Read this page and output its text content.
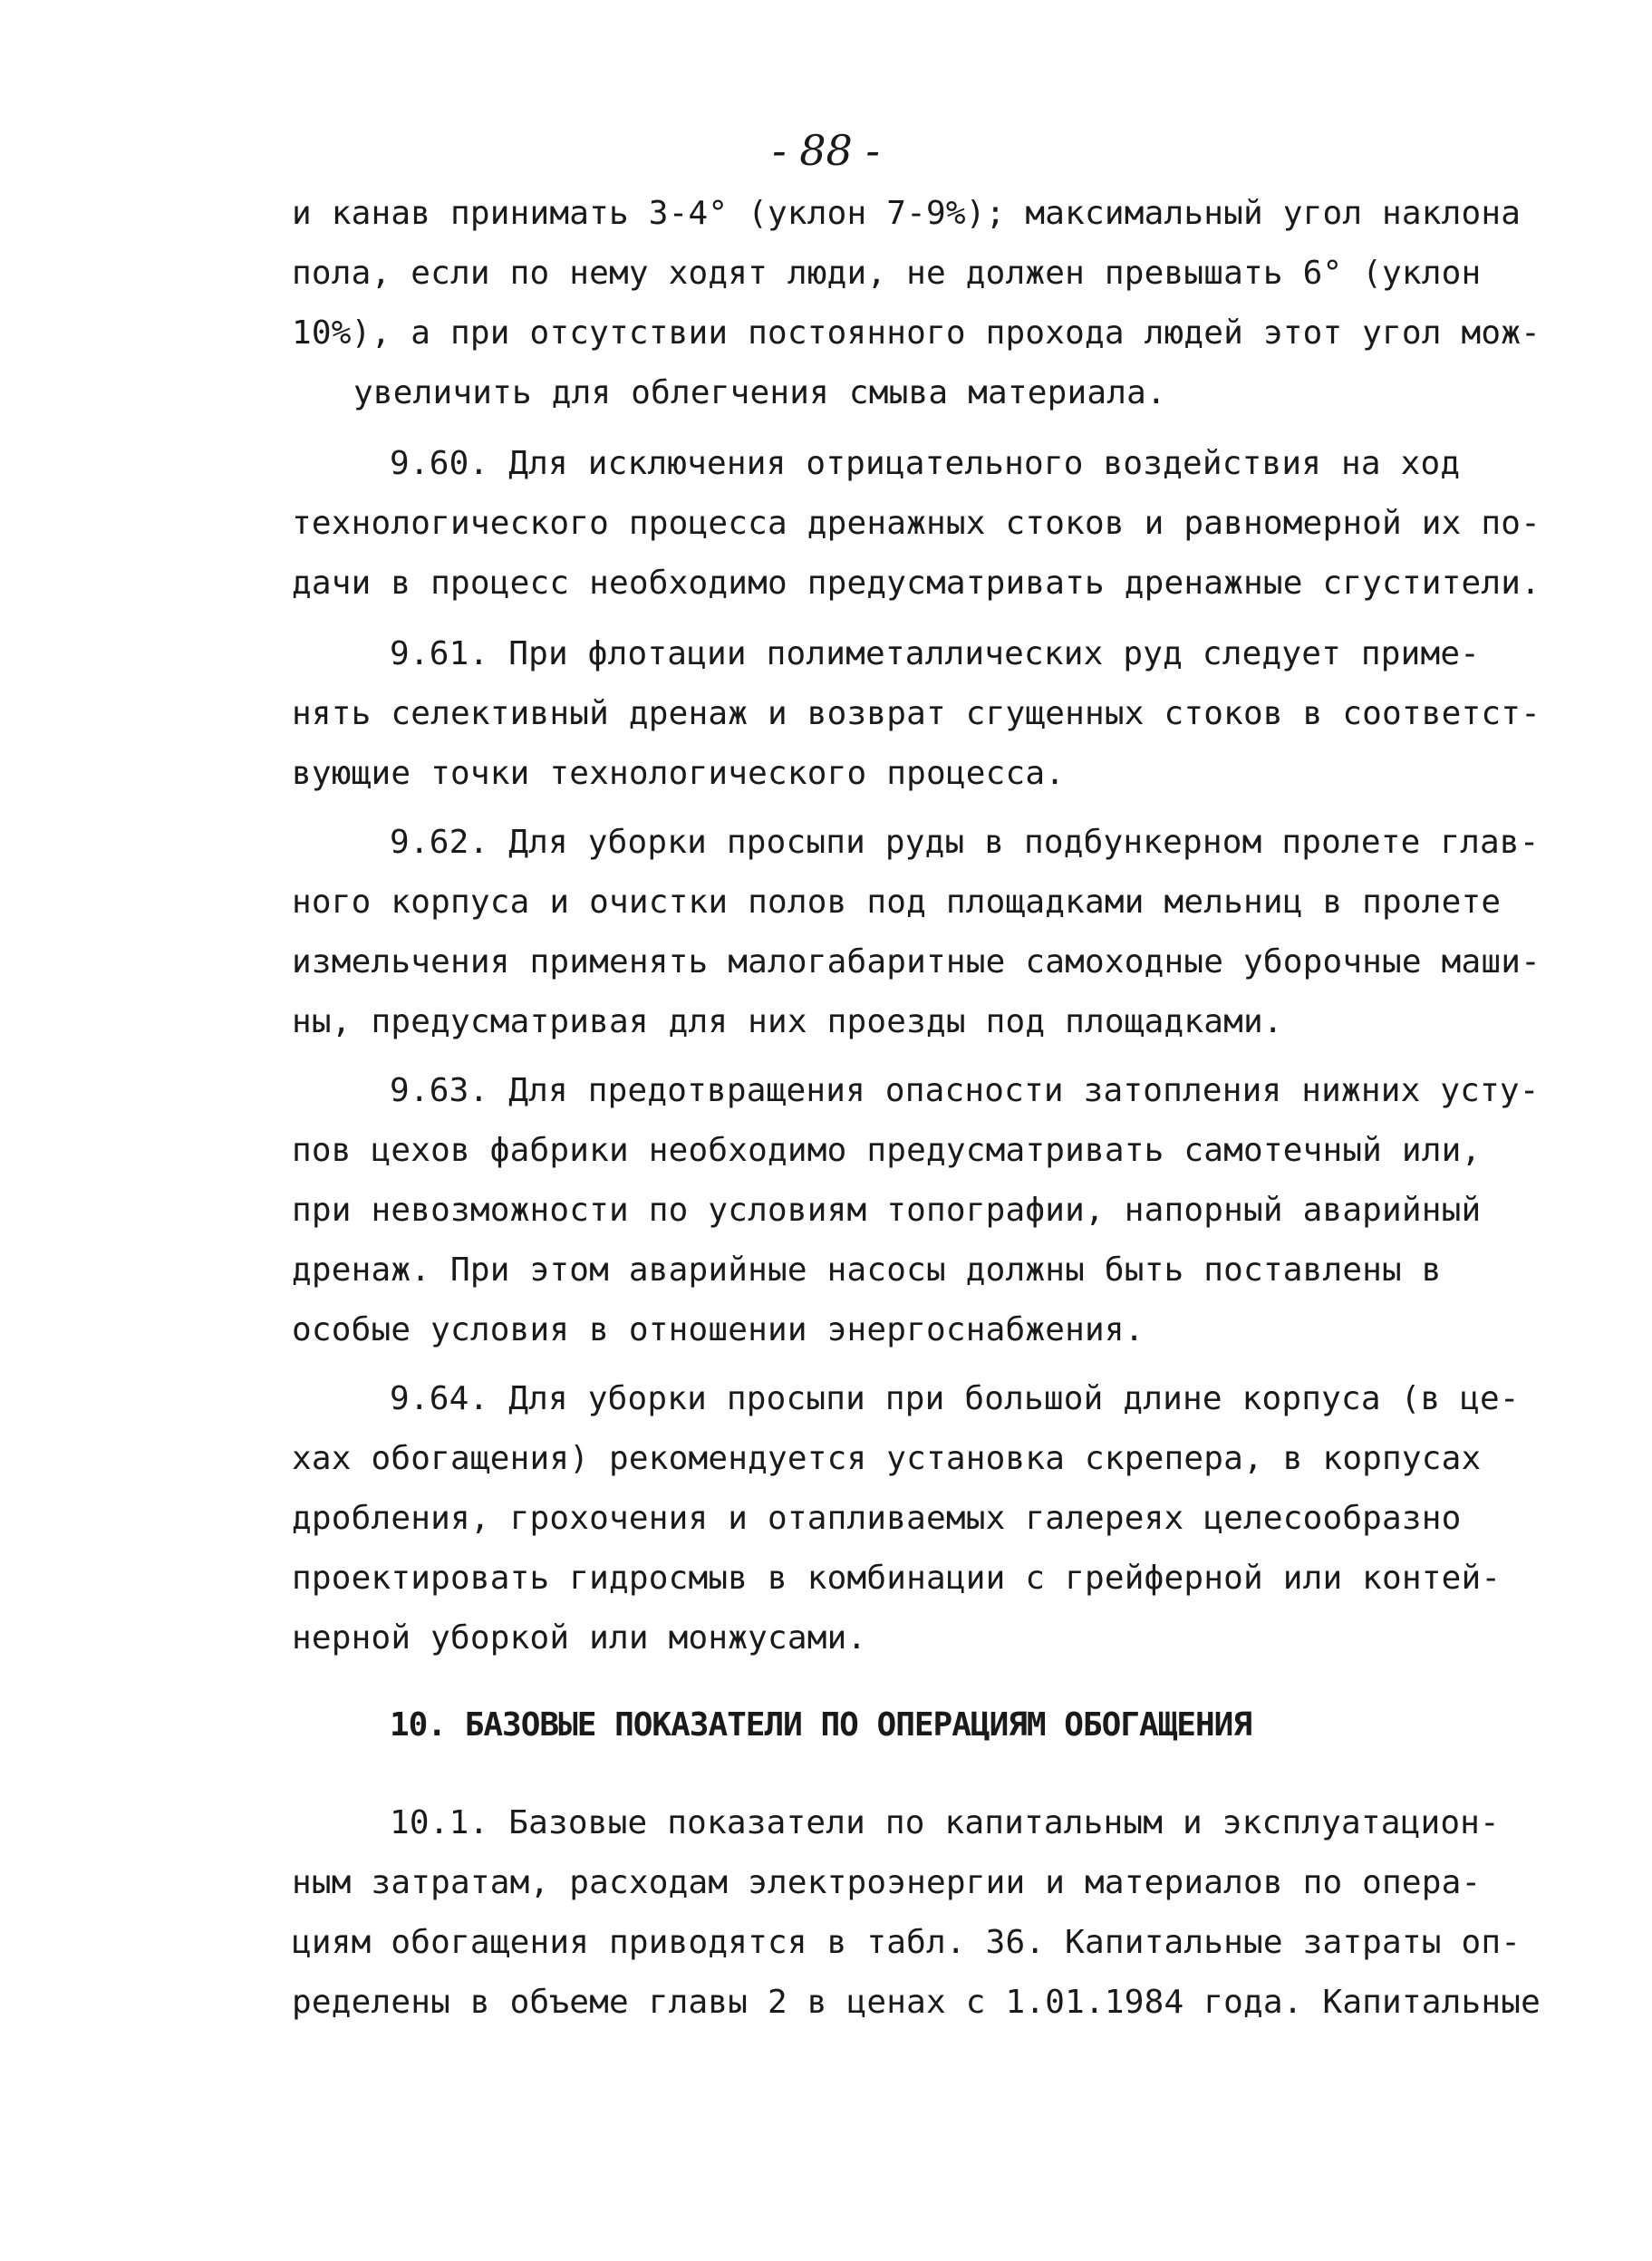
- 88 -
и канав принимать 3-4° (уклон 7-9%); максимальный угол наклона
пола, если по нему ходят люди, не должен превышать 6° (уклон
10%), а при отсутствии постоянного прохода людей этот угол мож-
увеличить для облегчения смыва материала.
9.60. Для исключения отрицательного воздействия на ход
технологического процесса дренажных стоков и равномерной их по-
дачи в процесс необходимо предусматривать дренажные сгустители.
9.61. При флотации полиметаллических руд следует приме-
нять селективный дренаж и возврат сгущенных стоков в соответст-
вующие точки технологического процесса.
9.62. Для уборки просыпи руды в подбункерном пролете глав-
ного корпуса и очистки полов под площадками мельниц в пролете
измельчения применять малогабаритные самоходные уборочные маши-
ны, предусматривая для них проезды под площадками.
9.63. Для предотвращения опасности затопления нижних усту-
пов цехов фабрики необходимо предусматривать самотечный или,
при невозможности по условиям топографии, напорный аварийный
дренаж. При этом аварийные насосы должны быть поставлены в
особые условия в отношении энергоснабжения.
9.64. Для уборки просыпи при большой длине корпуса (в це-
хах обогащения) рекомендуется установка скрепера, в корпусах
дробления, грохочения и отапливаемых галереях целесообразно
проектировать гидросмыв в комбинации с грейферной или контей-
нерной уборкой или монжусами.
10. БАЗОВЫЕ ПОКАЗАТЕЛИ ПО ОПЕРАЦИЯМ ОБОГАЩЕНИЯ
10.1. Базовые показатели по капитальным и эксплуатацион-
ным затратам, расходам электроэнергии и материалов по опера-
циям обогащения приводятся в табл. 36. Капитальные затраты оп-
ределены в объеме главы 2 в ценах с 1.01.1984 года. Капитальные
